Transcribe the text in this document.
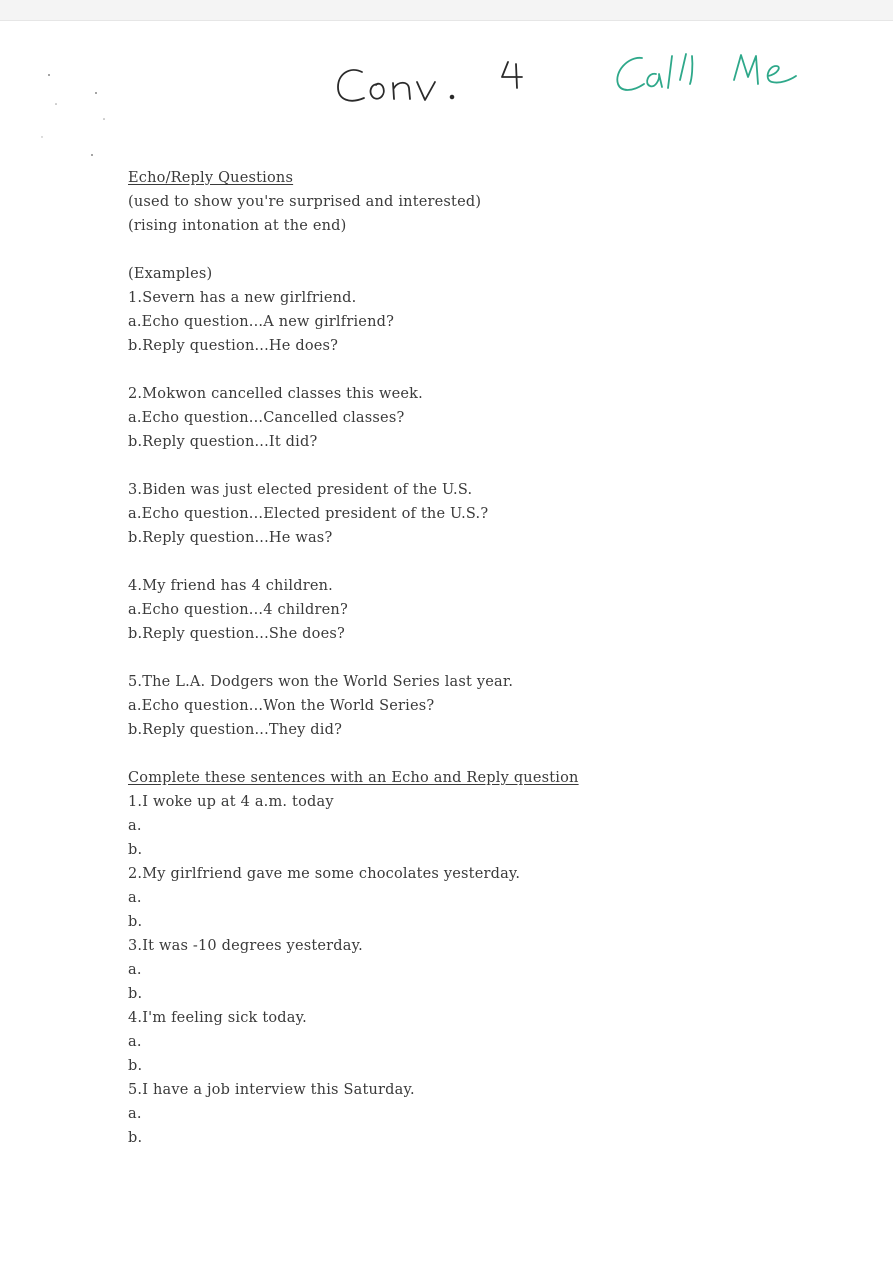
Echo/Reply Questions
(used to show you're surprised and interested)
(rising intonation at the end)
(Examples)
1.Severn has a new girlfriend.
a.Echo question...A new girlfriend?
b.Reply question...He does?
2.Mokwon cancelled classes this week.
a.Echo question...Cancelled classes?
b.Reply question...It did?
3.Biden was just elected president of the U.S.
a.Echo question...Elected president of the U.S.?
b.Reply question...He was?
4.My friend has 4 children.
a.Echo question...4 children?
b.Reply question...She does?
5.The L.A. Dodgers won the World Series last year.
a.Echo question...Won the World Series?
b.Reply question...They did?
Complete these sentences with an Echo and Reply question
1.I woke up at 4 a.m. today
a.
b.
2.My girlfriend gave me some chocolates yesterday.
a.
b.
3.It was -10 degrees yesterday.
a.
b.
4.I'm feeling sick today.
a.
b.
5.I have a job interview this Saturday.
a.
b.
